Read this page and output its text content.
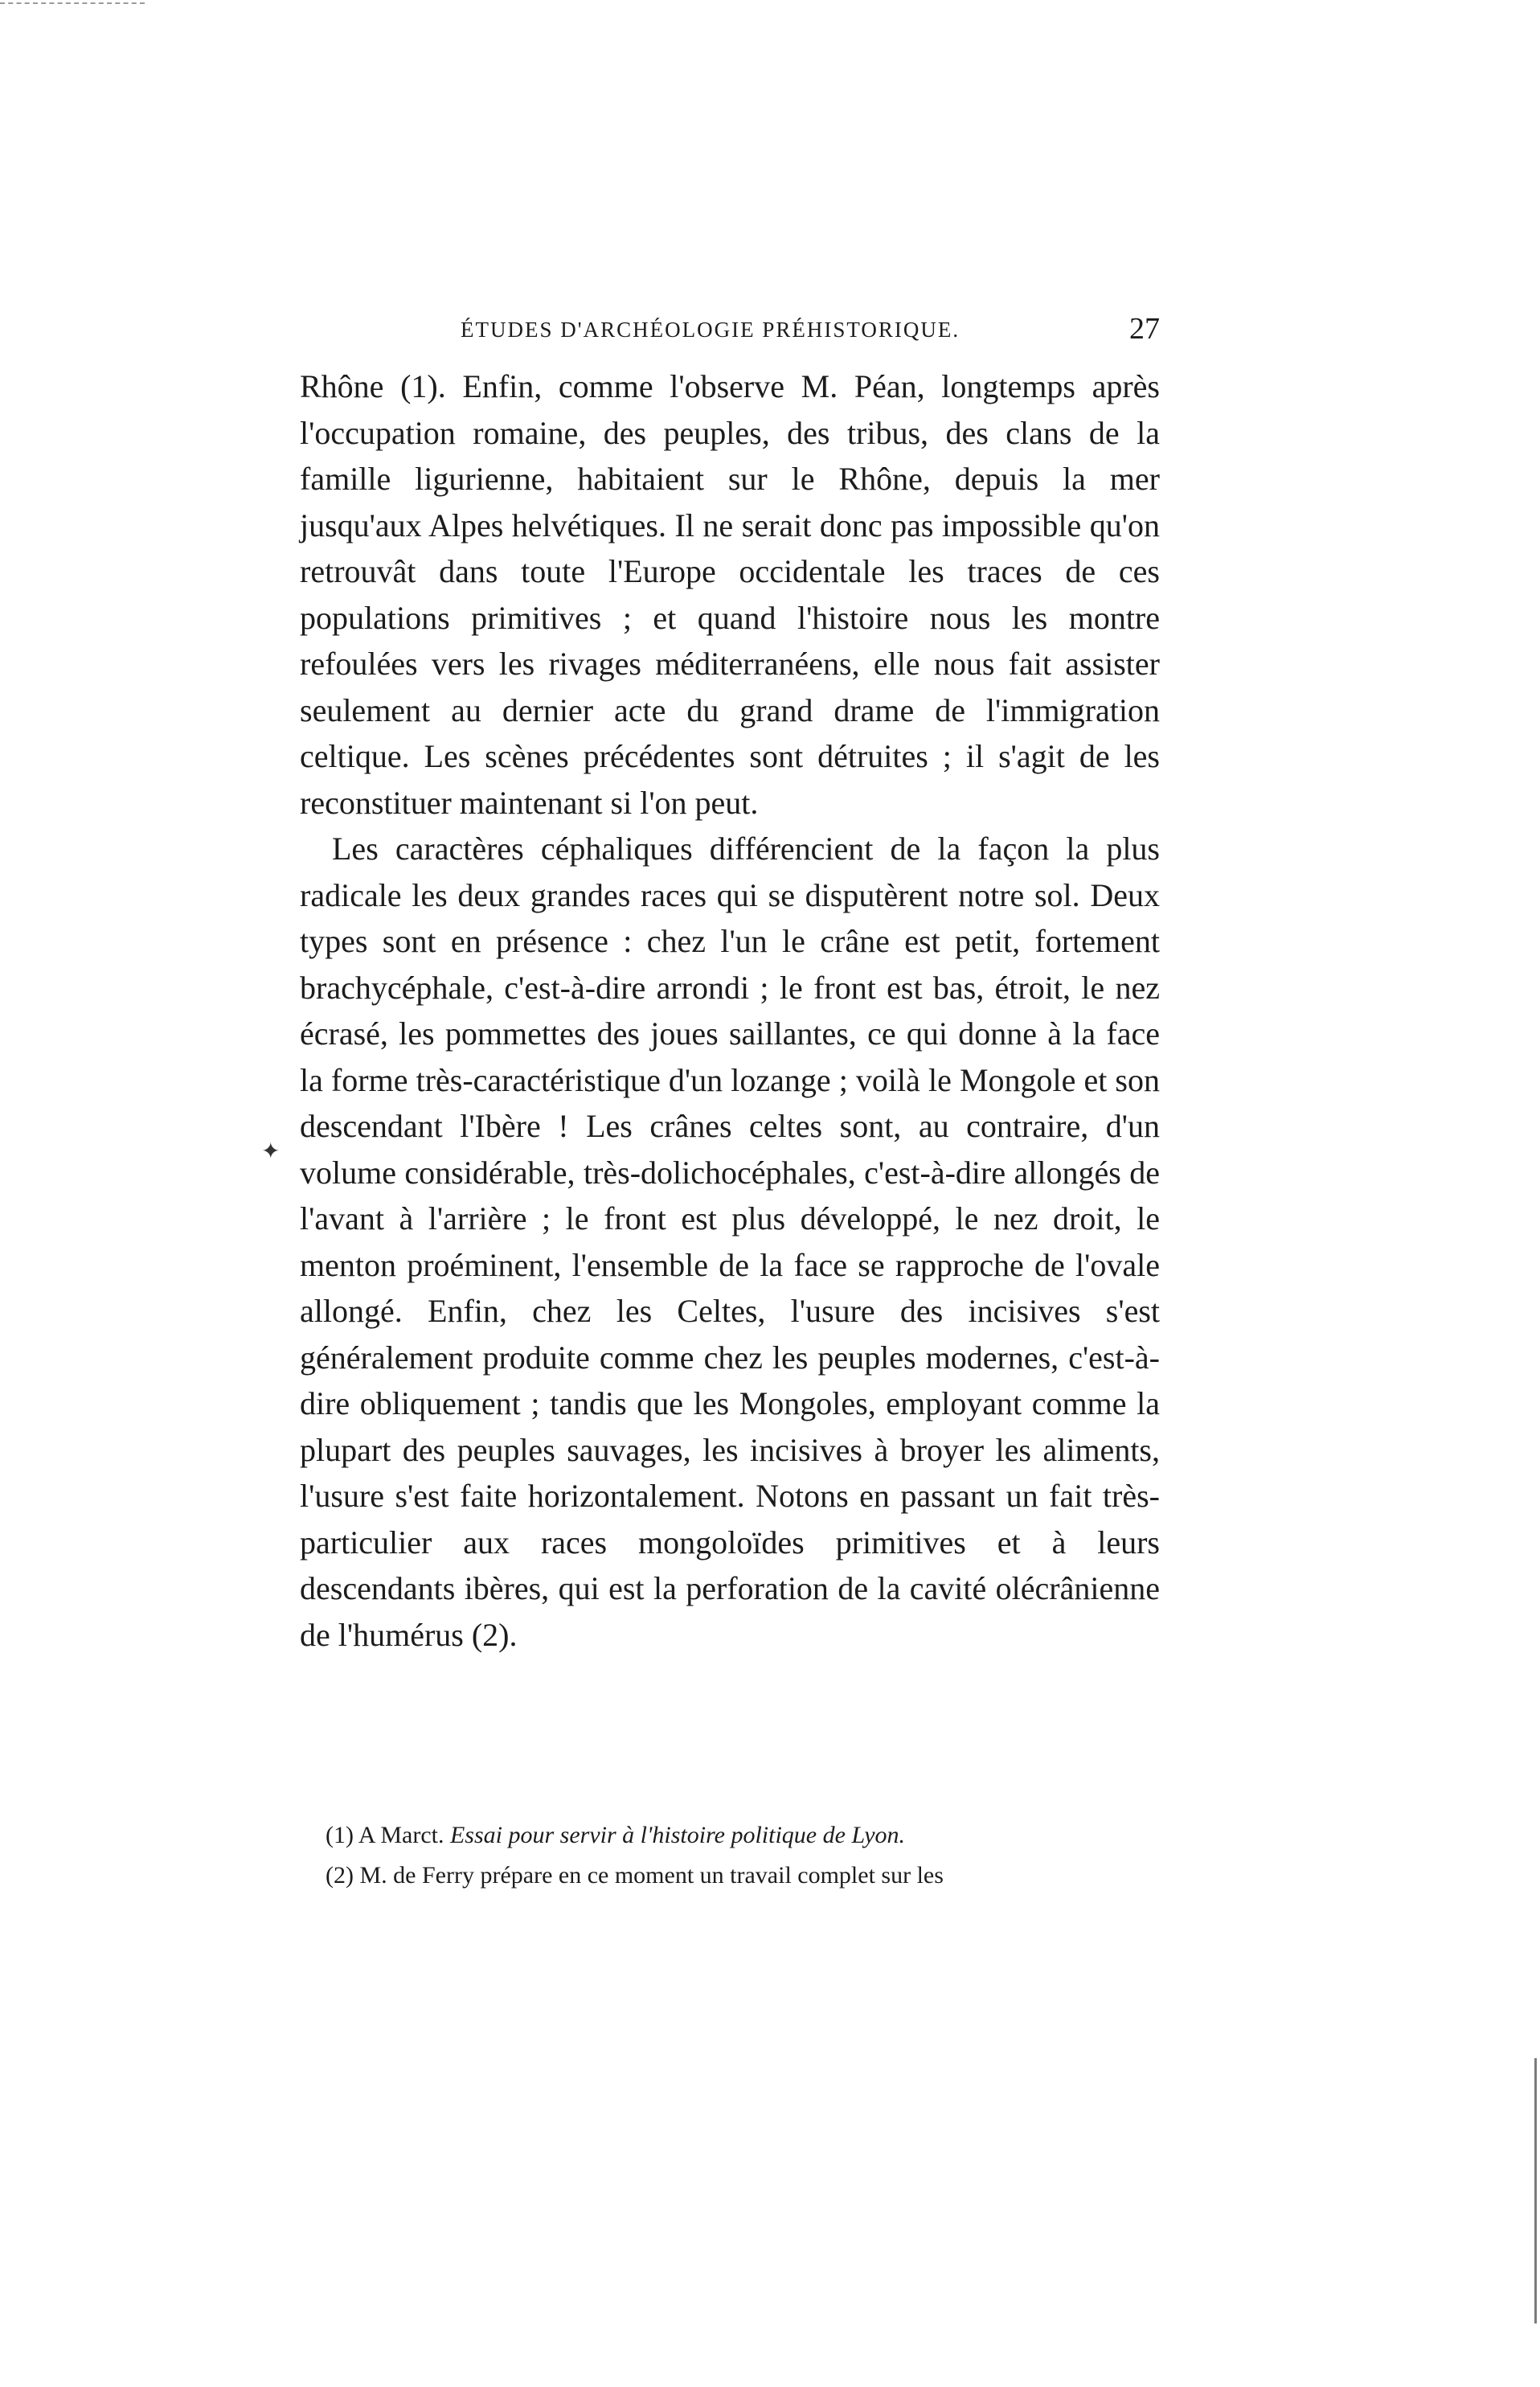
ÉTUDES D'ARCHÉOLOGIE PRÉHISTORIQUE.	27

Rhône (1). Enfin, comme l'observe M. Péan, longtemps après l'occupation romaine, des peuples, des tribus, des clans de la famille ligurienne, habitaient sur le Rhône, depuis la mer jusqu'aux Alpes helvétiques. Il ne serait donc pas impossible qu'on retrouvât dans toute l'Europe occidentale les traces de ces populations primitives ; et quand l'histoire nous les montre refoulées vers les rivages méditerranéens, elle nous fait assister seulement au dernier acte du grand drame de l'immigration celtique. Les scènes précédentes sont détruites ; il s'agit de les reconstituer maintenant si l'on peut.

Les caractères céphaliques différencient de la façon la plus radicale les deux grandes races qui se disputèrent notre sol. Deux types sont en présence : chez l'un le crâne est petit, fortement brachycéphale, c'est-à-dire arrondi ; le front est bas, étroit, le nez écrasé, les pommettes des joues saillantes, ce qui donne à la face la forme très-caractéristique d'un lozange ; voilà le Mongole et son descendant l'Ibère ! Les crânes celtes sont, au contraire, d'un volume considérable, très-dolichocéphales, c'est-à-dire allongés de l'avant à l'arrière ; le front est plus développé, le nez droit, le menton proéminent, l'ensemble de la face se rapproche de l'ovale allongé. Enfin, chez les Celtes, l'usure des incisives s'est généralement produite comme chez les peuples modernes, c'est-à-dire obliquement ; tandis que les Mongoles, employant comme la plupart des peuples sauvages, les incisives à broyer les aliments, l'usure s'est faite horizontalement. Notons en passant un fait très-particulier aux races mongoloïdes primitives et à leurs descendants ibères, qui est la perforation de la cavité olécrânienne de l'humérus (2).

✦

(1) A Marct. Essai pour servir à l'histoire politique de Lyon.

(2) M. de Ferry prépare en ce moment un travail complet sur les
